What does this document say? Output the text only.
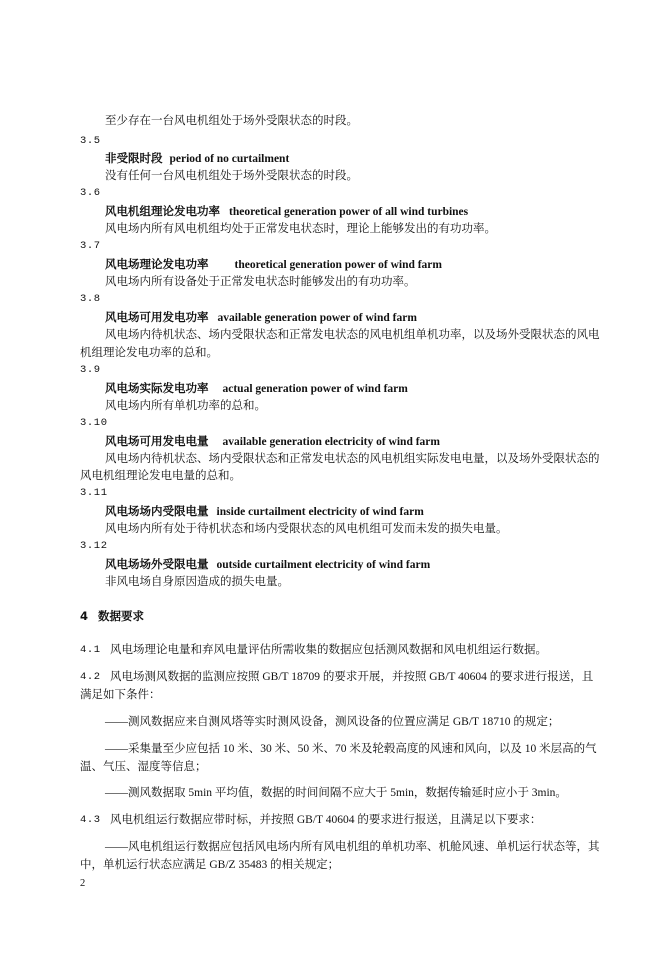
至少存在一台风电机组处于场外受限状态的时段。
3.5
非受限时段 period of no curtailment
没有任何一台风电机组处于场外受限状态的时段。
3.6
风电机组理论发电功率 theoretical generation power of all wind turbines
风电场内所有风电机组均处于正常发电状态时，理论上能够发出的有功功率。
3.7
风电场理论发电功率 theoretical generation power of wind farm
风电场内所有设备处于正常发电状态时能够发出的有功功率。
3.8
风电场可用发电功率 available generation power of wind farm
风电场内待机状态、场内受限状态和正常发电状态的风电机组单机功率，以及场外受限状态的风电
机组理论发电功率的总和。
3.9
风电场实际发电功率 actual generation power of wind farm
风电场内所有单机功率的总和。
3.10
风电场可用发电电量 available generation electricity of wind farm
风电场内待机状态、场内受限状态和正常发电状态的风电机组实际发电电量，以及场外受限状态的
风电机组理论发电电量的总和。
3.11
风电场场内受限电量 inside curtailment electricity of wind farm
风电场内所有处于待机状态和场内受限状态的风电机组可发而未发的损失电量。
3.12
风电场场外受限电量 outside curtailment electricity of wind farm
非风电场自身原因造成的损失电量。
4 数据要求
4.1 风电场理论电量和弃风电量评估所需收集的数据应包括测风数据和风电机组运行数据。
4.2 风电场测风数据的监测应按照 GB/T 18709 的要求开展，并按照 GB/T 40604 的要求进行报送，且
满足如下条件：
——测风数据应来自测风塔等实时测风设备，测风设备的位置应满足 GB/T 18710 的规定；
——采集量至少应包括 10 米、30 米、50 米、70 米及轮毂高度的风速和风向，以及 10 米层高的气
温、气压、湿度等信息；
——测风数据取 5min 平均值，数据的时间间隔不应大于 5min，数据传输延时应小于 3min。
4.3 风电机组运行数据应带时标，并按照 GB/T 40604 的要求进行报送，且满足以下要求：
——风电机组运行数据应包括风电场内所有风电机组的单机功率、机舱风速、单机运行状态等，其
中，单机运行状态应满足 GB/Z 35483 的相关规定；
2
